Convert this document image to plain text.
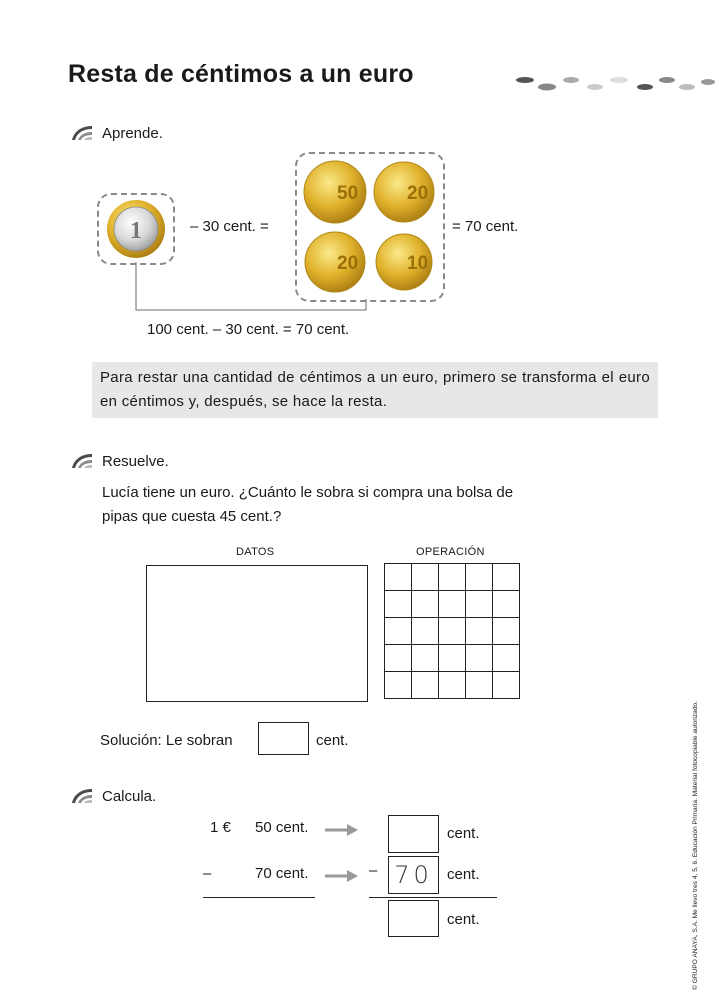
Resta de céntimos a un euro
Aprende.
1	– 30 cent. =
50	20
20	10
= 70 cent.
100 cent. – 30 cent. = 70 cent.

Para restar una cantidad de céntimos a un euro, primero se transforma el euro en céntimos y, después, se hace la resta.

Resuelve.
Lucía tiene un euro. ¿Cuánto le sobra si compra una bolsa de
pipas que cuesta 45 cent.?
DATOS	OPERACIÓN

Solución: Le sobran	cent.
Calcula.
1 € 50 cent.	cent.
–	70 cent.	– 70 cent.
cent.	© GRUPO ANAYA, S.A. Me llevo tres 4, 5, 6. Educación Primaria. Material fotocopiable autorizado.
